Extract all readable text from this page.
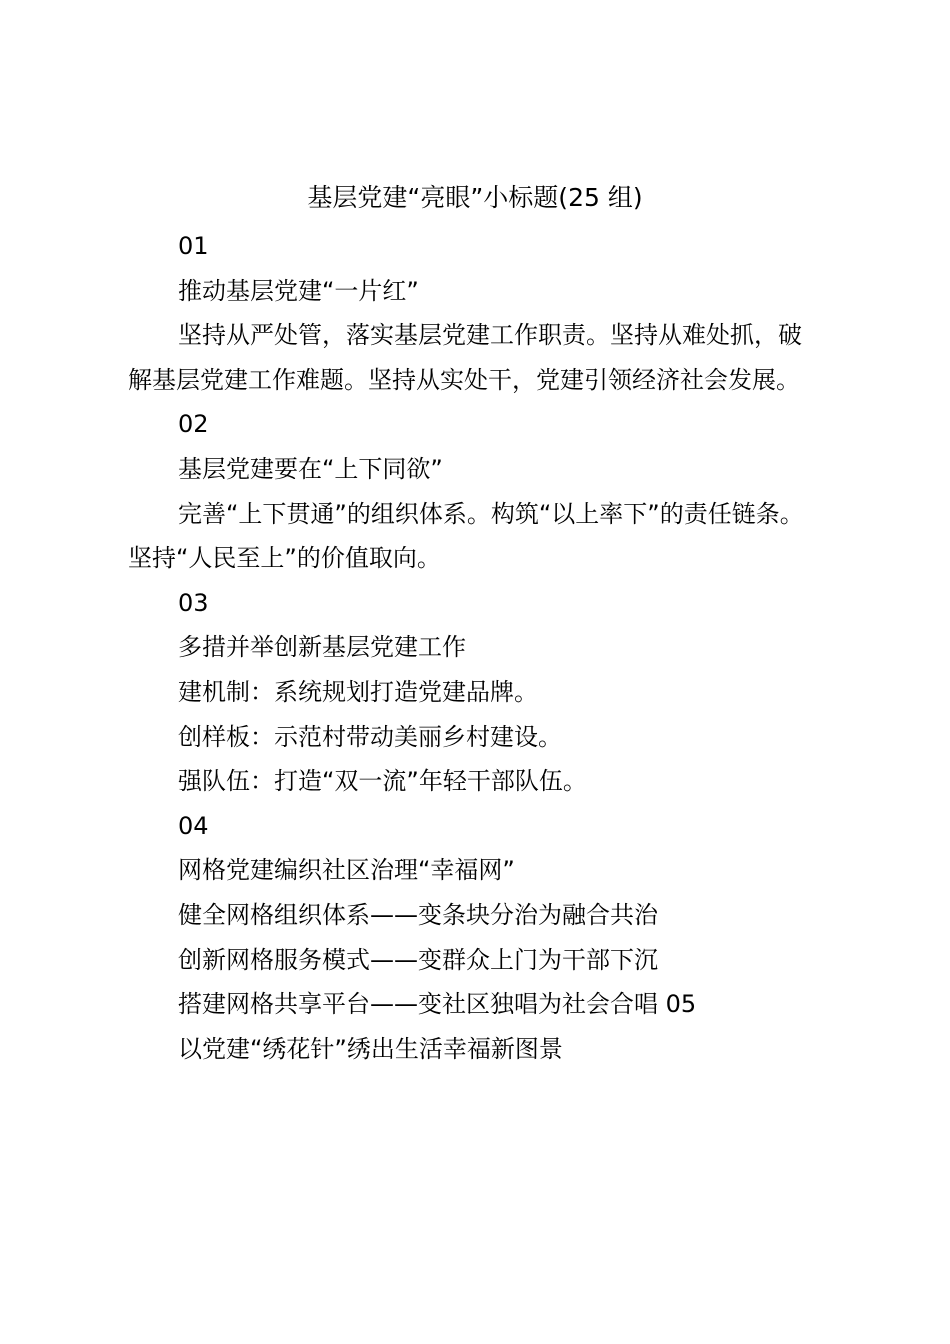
基层党建“亮眼”小标题(25 组)
01
推动基层党建“一片红”
坚持从严处管，落实基层党建工作职责。坚持从难处抓，破解基层党建工作难题。坚持从实处干，党建引领经济社会发展。
02
基层党建要在“上下同欲”
完善“上下贯通”的组织体系。构筑“以上率下”的责任链条。坚持“人民至上”的价值取向。
03
多措并举创新基层党建工作
建机制：系统规划打造党建品牌。
创样板：示范村带动美丽乡村建设。
强队伍：打造“双一流”年轻干部队伍。
04
网格党建编织社区治理“幸福网”
健全网格组织体系——变条块分治为融合共治
创新网格服务模式——变群众上门为干部下沉
搭建网格共享平台——变社区独唱为社会合唱 05
以党建“绣花针”绣出生活幸福新图景
